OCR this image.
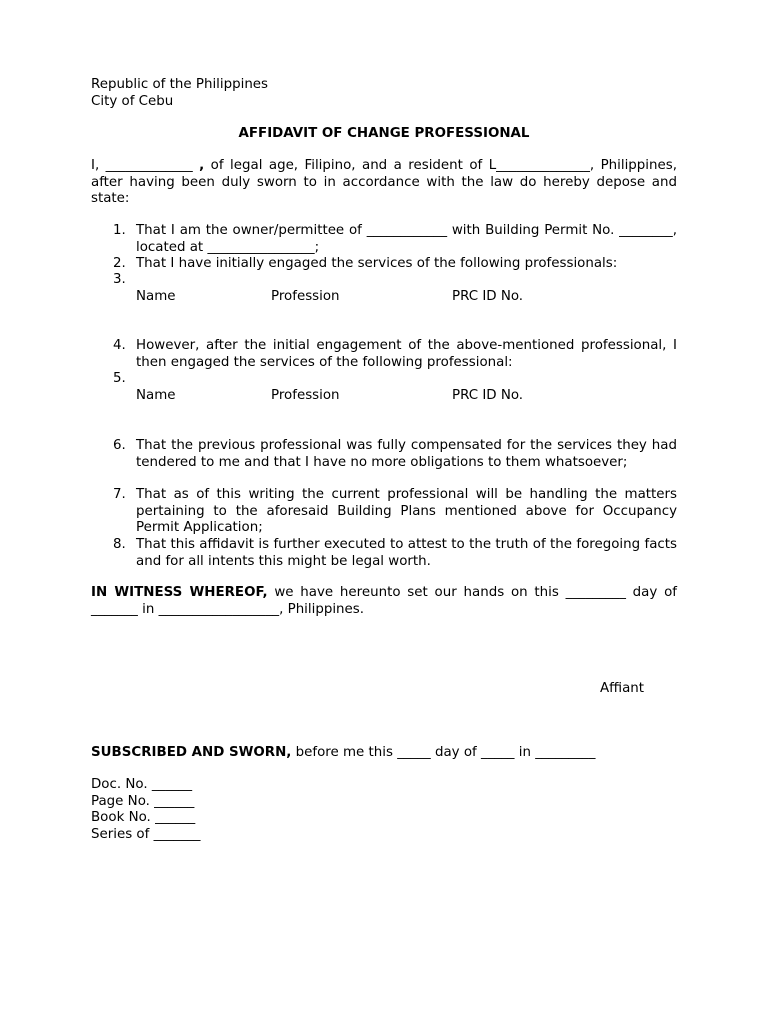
Republic of the Philippines
City of Cebu
AFFIDAVIT OF CHANGE PROFESSIONAL

I, _____________ , of legal age, Filipino, and a resident of L______________, Philippines, after having been duly sworn to in accordance with the law do hereby depose and state:

1. That I am the owner/permittee of ____________ with Building Permit No. ________, located at ________________;
2. That I have initially engaged the services of the following professionals:
3.
Name	Profession	PRC ID No.
4. However, after the initial engagement of the above-mentioned professional, I then engaged the services of the following professional:
5.
Name	Profession	PRC ID No.
6. That the previous professional was fully compensated for the services they had tendered to me and that I have no more obligations to them whatsoever;
7. That as of this writing the current professional will be handling the matters pertaining to the aforesaid Building Plans mentioned above for Occupancy Permit Application;
8. That this affidavit is further executed to attest to the truth of the foregoing facts and for all intents this might be legal worth.

IN WITNESS WHEREOF, we have hereunto set our hands on this _________ day of _______ in __________________, Philippines.

Affiant

SUBSCRIBED AND SWORN, before me this _____ day of _____ in _________

Doc. No. ______
Page No. ______
Book No. ______
Series of _______
